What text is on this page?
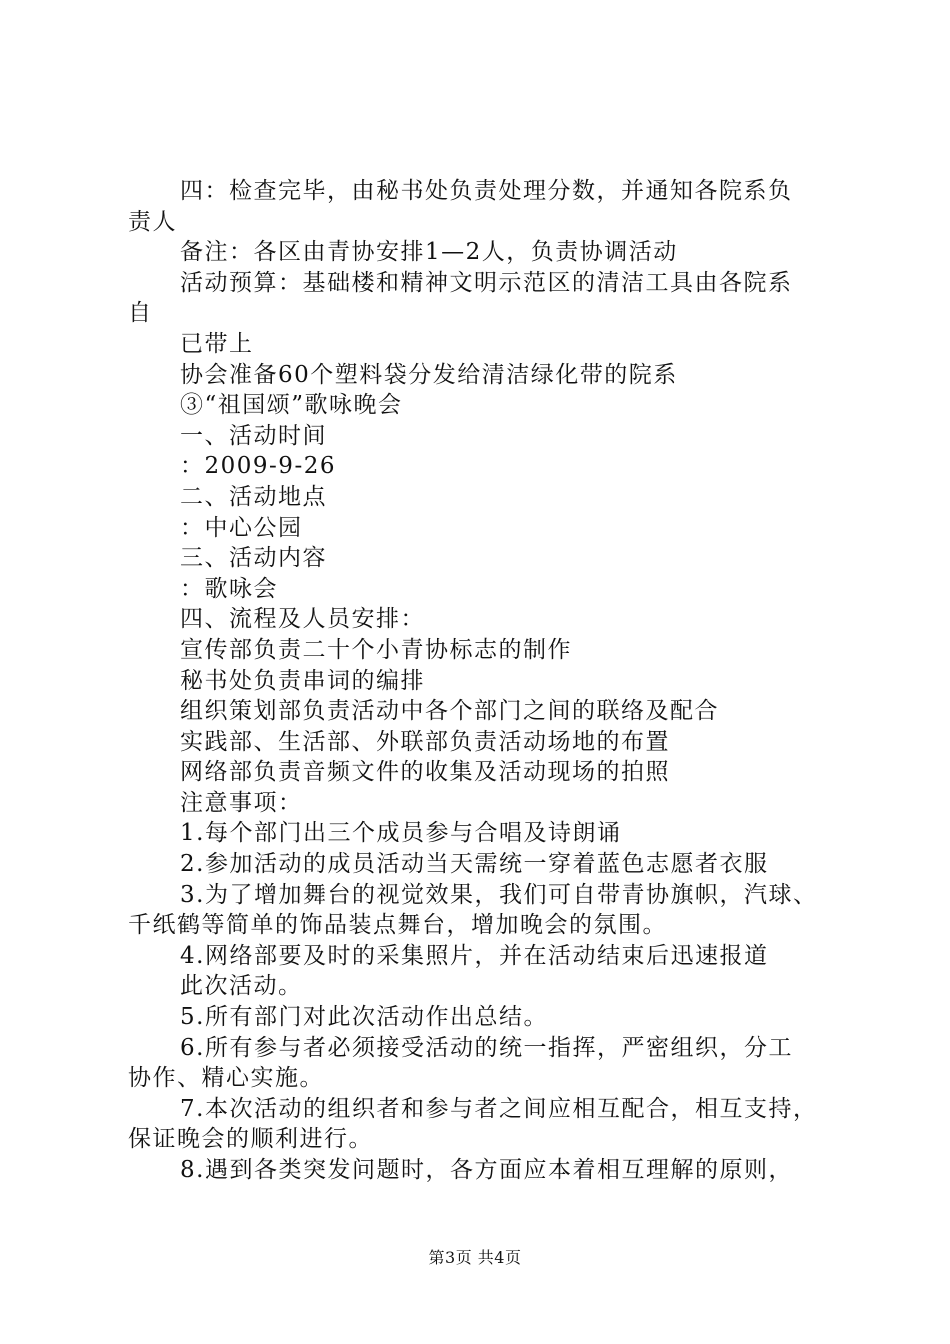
四：检查完毕，由秘书处负责处理分数，并通知各院系负

责人

备注：各区由青协安排1—2人，负责协调活动

活动预算：基础楼和精神文明示范区的清洁工具由各院系

自

已带上

协会准备60个塑料袋分发给清洁绿化带的院系

③“祖国颂”歌咏晚会

一、活动时间

：2009-9-26

二、活动地点

：中心公园

三、活动内容

：歌咏会

四、流程及人员安排：

宣传部负责二十个小青协标志的制作

秘书处负责串词的编排

组织策划部负责活动中各个部门之间的联络及配合

实践部、生活部、外联部负责活动场地的布置

网络部负责音频文件的收集及活动现场的拍照

注意事项：

1.每个部门出三个成员参与合唱及诗朗诵

2.参加活动的成员活动当天需统一穿着蓝色志愿者衣服

3.为了增加舞台的视觉效果，我们可自带青协旗帜，汽球、

千纸鹤等简单的饰品装点舞台，增加晚会的氛围。

4.网络部要及时的采集照片，并在活动结束后迅速报道

此次活动。

5.所有部门对此次活动作出总结。

6.所有参与者必须接受活动的统一指挥，严密组织，分工

协作、精心实施。

7.本次活动的组织者和参与者之间应相互配合，相互支持，

保证晚会的顺利进行。

8.遇到各类突发问题时，各方面应本着相互理解的原则，

第3页 共4页
